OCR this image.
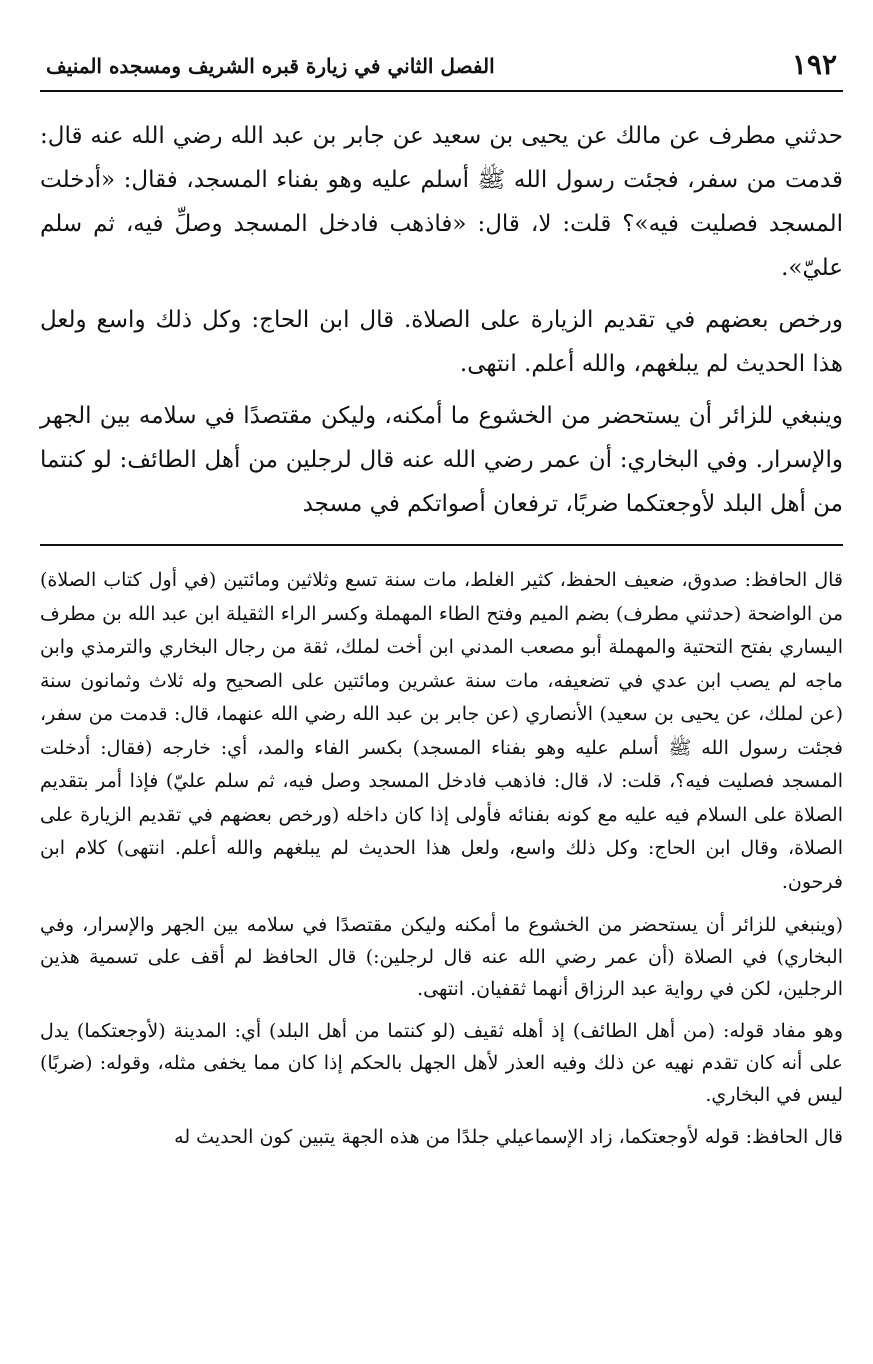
١٩٢
الفصل الثاني في زيارة قبره الشريف ومسجده المنيف

حدثني مطرف عن مالك عن يحيى بن سعيد عن جابر بن عبد الله رضي الله عنه قال: قدمت من سفر، فجئت رسول الله ﷺ أسلم عليه وهو بفناء المسجد، فقال: «أدخلت المسجد فصليت فيه»؟ قلت: لا، قال: «فاذهب فادخل المسجد وصلِّ فيه، ثم سلم عليّ».

ورخص بعضهم في تقديم الزيارة على الصلاة. قال ابن الحاج: وكل ذلك واسع ولعل هذا الحديث لم يبلغهم، والله أعلم. انتهى.

وينبغي للزائر أن يستحضر من الخشوع ما أمكنه، وليكن مقتصدًا في سلامه بين الجهر والإسرار. وفي البخاري: أن عمر رضي الله عنه قال لرجلين من أهل الطائف: لو كنتما من أهل البلد لأوجعتكما ضربًا، ترفعان أصواتكم في مسجد

قال الحافظ: صدوق، ضعيف الحفظ، كثير الغلط، مات سنة تسع وثلاثين ومائتين (في أول كتاب الصلاة) من الواضحة (حدثني مطرف) بضم الميم وفتح الطاء المهملة وكسر الراء الثقيلة ابن عبد الله بن مطرف اليساري بفتح التحتية والمهملة أبو مصعب المدني ابن أخت لملك، ثقة من رجال البخاري والترمذي وابن ماجه لم يصب ابن عدي في تضعيفه، مات سنة عشرين ومائتين على الصحيح وله ثلاث وثمانون سنة (عن لملك، عن يحيى بن سعيد) الأنصاري (عن جابر بن عبد الله رضي الله عنهما، قال: قدمت من سفر، فجئت رسول الله ﷺ أسلم عليه وهو بفناء المسجد) بكسر الفاء والمد، أي: خارجه (فقال: أدخلت المسجد فصليت فيه؟، قلت: لا، قال: فاذهب فادخل المسجد وصل فيه، ثم سلم عليّ) فإذا أمر بتقديم الصلاة على السلام فيه عليه مع كونه بفنائه فأولى إذا كان داخله (ورخص بعضهم في تقديم الزيارة على الصلاة، وقال ابن الحاج: وكل ذلك واسع، ولعل هذا الحديث لم يبلغهم والله أعلم. انتهى) كلام ابن فرحون.

(وينبغي للزائر أن يستحضر من الخشوع ما أمكنه وليكن مقتصدًا في سلامه بين الجهر والإسرار، وفي البخاري) في الصلاة (أن عمر رضي الله عنه قال لرجلين:) قال الحافظ لم أقف على تسمية هذين الرجلين، لكن في رواية عبد الرزاق أنهما ثقفيان. انتهى.

وهو مفاد قوله: (من أهل الطائف) إذ أهله ثقيف (لو كنتما من أهل البلد) أي: المدينة (لأوجعتكما) يدل على أنه كان تقدم نهيه عن ذلك وفيه العذر لأهل الجهل بالحكم إذا كان مما يخفى مثله، وقوله: (ضربًا) ليس في البخاري.

قال الحافظ: قوله لأوجعتكما، زاد الإسماعيلي جلدًا من هذه الجهة يتبين كون الحديث له
